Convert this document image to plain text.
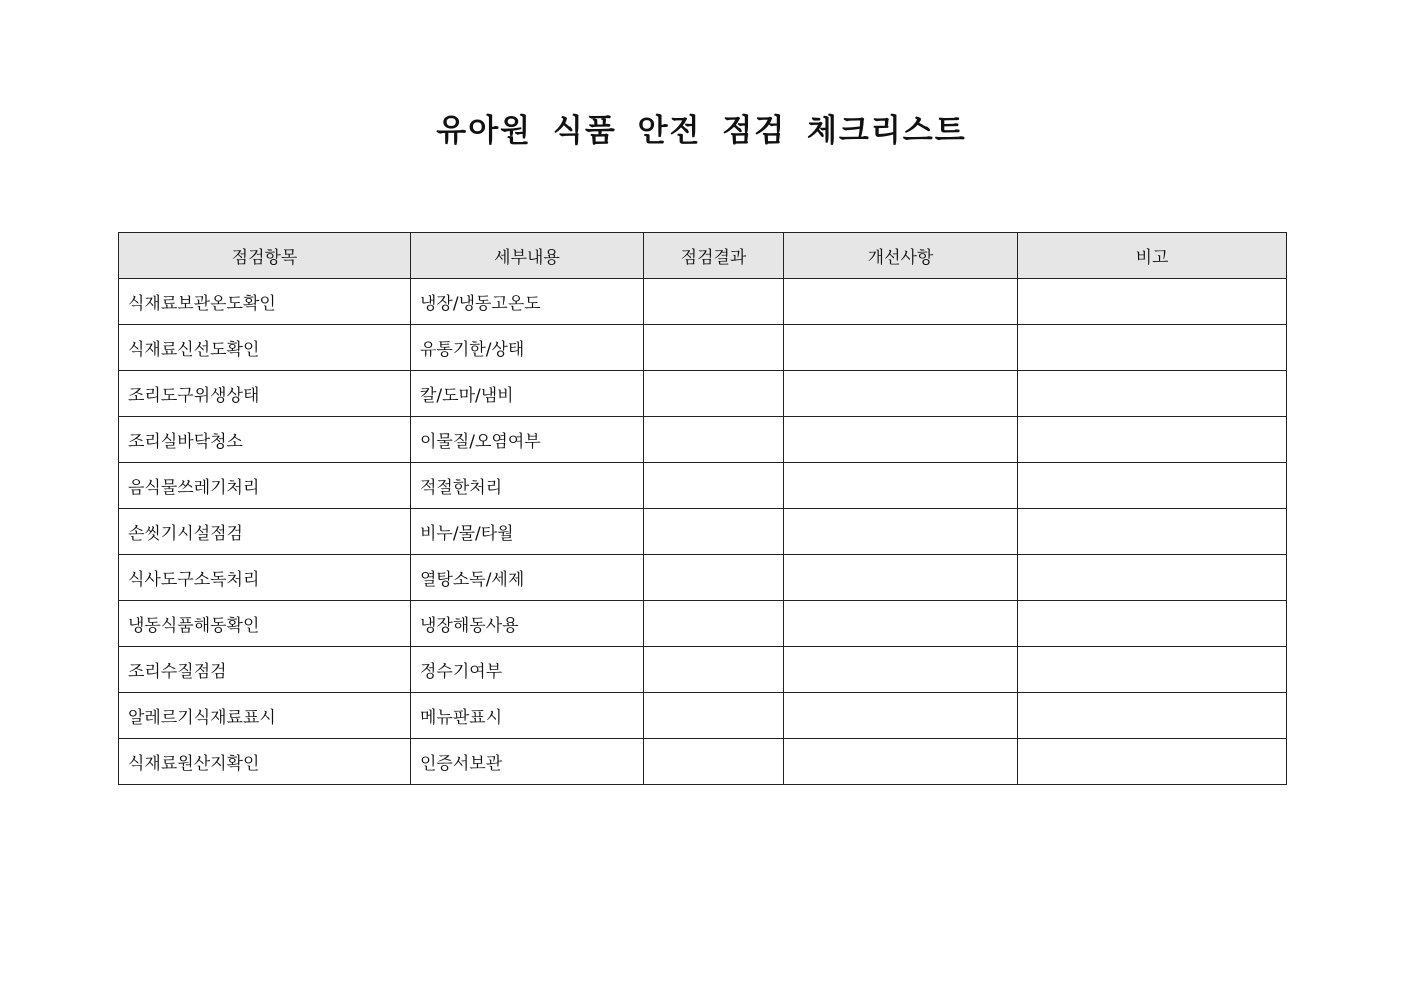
유아원 식품 안전 점검 체크리스트
점검항목	세부내용	점검결과	개선사항	비고
식재료보관온도확인	냉장/냉동고온도			
식재료신선도확인	유통기한/상태			
조리도구위생상태	칼/도마/냄비			
조리실바닥청소	이물질/오염여부			
음식물쓰레기처리	적절한처리			
손씻기시설점검	비누/물/타월			
식사도구소독처리	열탕소독/세제			
냉동식품해동확인	냉장해동사용			
조리수질점검	정수기여부			
알레르기식재료표시	메뉴판표시			
식재료원산지확인	인증서보관			
